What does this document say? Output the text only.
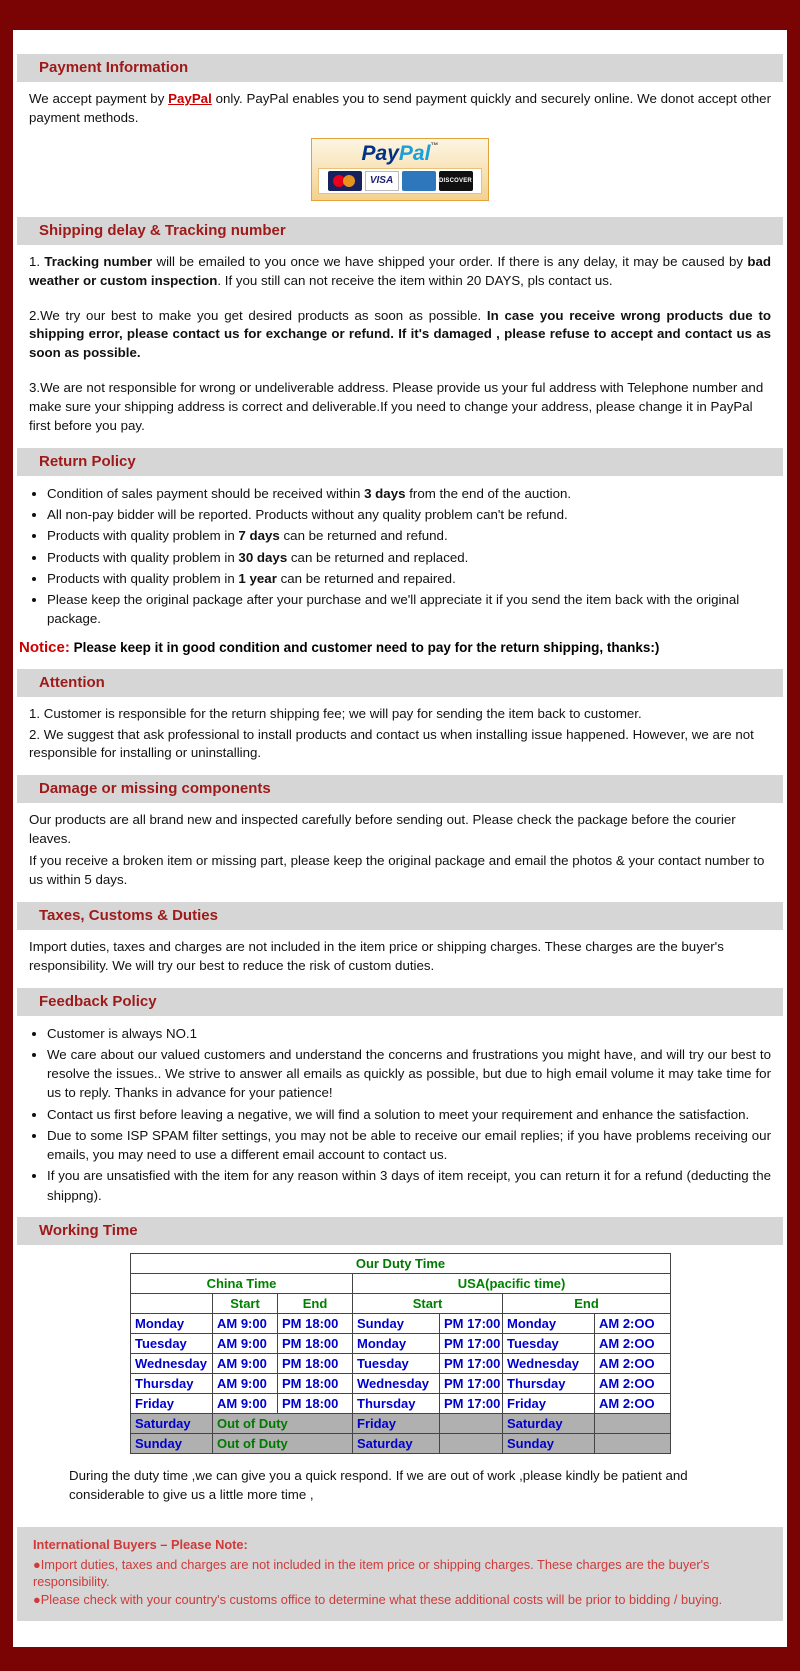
Payment Information
We accept payment by PayPal only. PayPal enables you to send payment quickly and securely online. We donot accept other payment methods.
PayPal™
VISA	DISCOVER
Shipping delay & Tracking number
1. Tracking number will be emailed to you once we have shipped your order. If there is any delay, it may be caused by bad weather or custom inspection. If you still can not receive the item within 20 DAYS, pls contact us.
2.We try our best to make you get desired products as soon as possible. In case you receive wrong products due to shipping error, please contact us for exchange or refund. If it's damaged , please refuse to accept and contact us as soon as possible.
3.We are not responsible for wrong or undeliverable address. Please provide us your ful address with Telephone number and make sure your shipping address is correct and deliverable.If you need to change your address, please change it in PayPal first before you pay.
Return Policy
• Condition of sales payment should be received within 3 days from the end of the auction.
• All non-pay bidder will be reported. Products without any quality problem can't be refund.
• Products with quality problem in 7 days can be returned and refund.
• Products with quality problem in 30 days can be returned and replaced.
• Products with quality problem in 1 year can be returned and repaired.
• Please keep the original package after your purchase and we'll appreciate it if you send the item back with the original package.
Notice: Please keep it in good condition and customer need to pay for the return shipping, thanks:)
Attention
1. Customer is responsible for the return shipping fee; we will pay for sending the item back to customer.
2. We suggest that ask professional to install products and contact us when installing issue happened. However, we are not responsible for installing or uninstalling.
Damage or missing components
Our products are all brand new and inspected carefully before sending out. Please check the package before the courier leaves.
If you receive a broken item or missing part, please keep the original package and email the photos & your contact number to us within 5 days.
Taxes, Customs & Duties
Import duties, taxes and charges are not included in the item price or shipping charges. These charges are the buyer's responsibility. We will try our best to reduce the risk of custom duties.
Feedback Policy
• Customer is always NO.1
• We care about our valued customers and understand the concerns and frustrations you might have, and will try our best to resolve the issues.. We strive to answer all emails as quickly as possible, but due to high email volume it may take time for us to reply. Thanks in advance for your patience!
• Contact us first before leaving a negative, we will find a solution to meet your requirement and enhance the satisfaction.
• Due to some ISP SPAM filter settings, you may not be able to receive our email replies; if you have problems receiving our emails, you may need to use a different email account to contact us.
• If you are unsatisfied with the item for any reason within 3 days of item receipt, you can return it for a refund (deducting the shippng).
Working Time
Our Duty Time						
China Time			USA(pacific time)			
	Start	End	Start		End	
Monday	AM 9:00	PM 18:00	Sunday	PM 17:00	Monday	AM 2:OO
Tuesday	AM 9:00	PM 18:00	Monday	PM 17:00	Tuesday	AM 2:OO
Wednesday	AM 9:00	PM 18:00	Tuesday	PM 17:00	Wednesday	AM 2:OO
Thursday	AM 9:00	PM 18:00	Wednesday	PM 17:00	Thursday	AM 2:OO
Friday	AM 9:00	PM 18:00	Thursday	PM 17:00	Friday	AM 2:OO
Saturday	Out of Duty		Friday		Saturday	
Sunday	Out of Duty		Saturday		Sunday	
During the duty time ,we can give you a quick respond. If we are out of work ,please kindly be patient and considerable to give us a little more time ,
International Buyers – Please Note:
●Import duties, taxes and charges are not included in the item price or shipping charges. These charges are the buyer's responsibility.
●Please check with your country's customs office to determine what these additional costs will be prior to bidding / buying.
